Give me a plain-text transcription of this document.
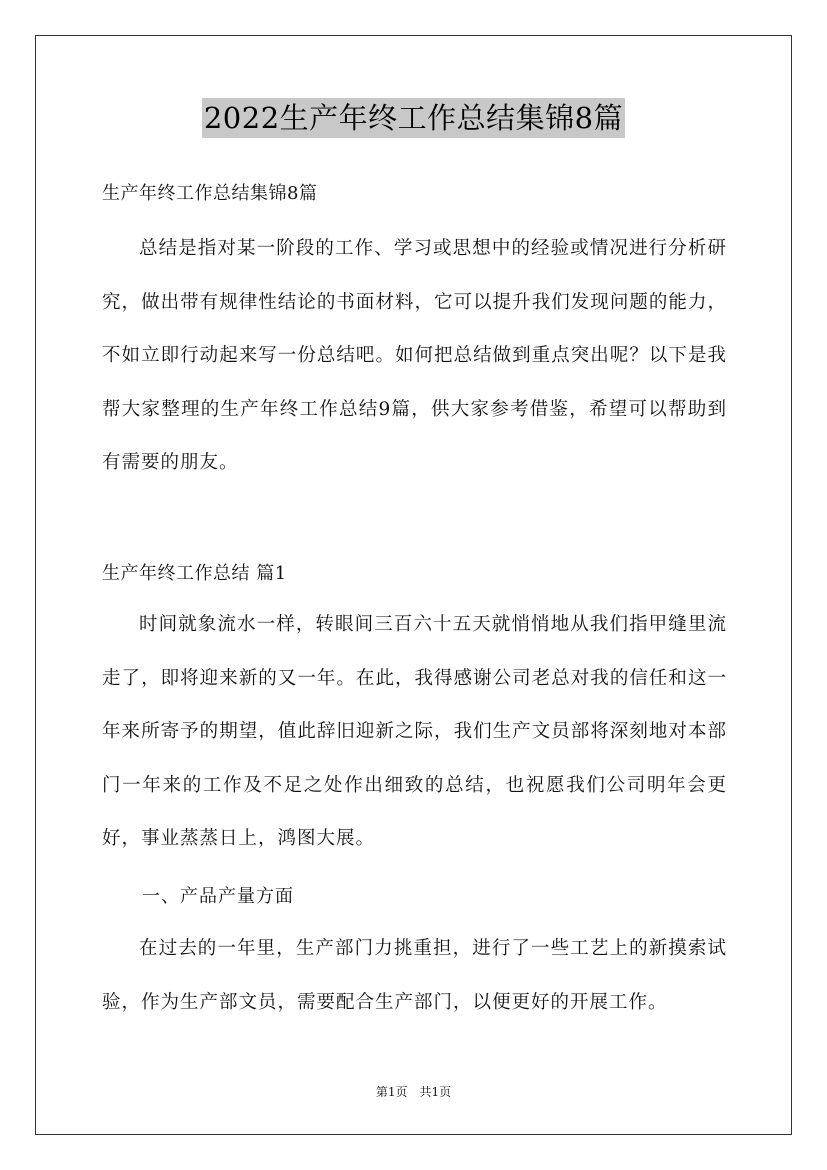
2022生产年终工作总结集锦8篇
生产年终工作总结集锦8篇
总结是指对某一阶段的工作、学习或思想中的经验或情况进行分析研究，做出带有规律性结论的书面材料，它可以提升我们发现问题的能力，不如立即行动起来写一份总结吧。如何把总结做到重点突出呢？以下是我帮大家整理的生产年终工作总结9篇，供大家参考借鉴，希望可以帮助到有需要的朋友。
生产年终工作总结 篇1
时间就象流水一样，转眼间三百六十五天就悄悄地从我们指甲缝里流走了，即将迎来新的又一年。在此，我得感谢公司老总对我的信任和这一年来所寄予的期望，值此辞旧迎新之际，我们生产文员部将深刻地对本部门一年来的工作及不足之处作出细致的总结，也祝愿我们公司明年会更好，事业蒸蒸日上，鸿图大展。
一、产品产量方面
在过去的一年里，生产部门力挑重担，进行了一些工艺上的新摸索试验，作为生产部文员，需要配合生产部门，以便更好的开展工作。
第1页　共1页
